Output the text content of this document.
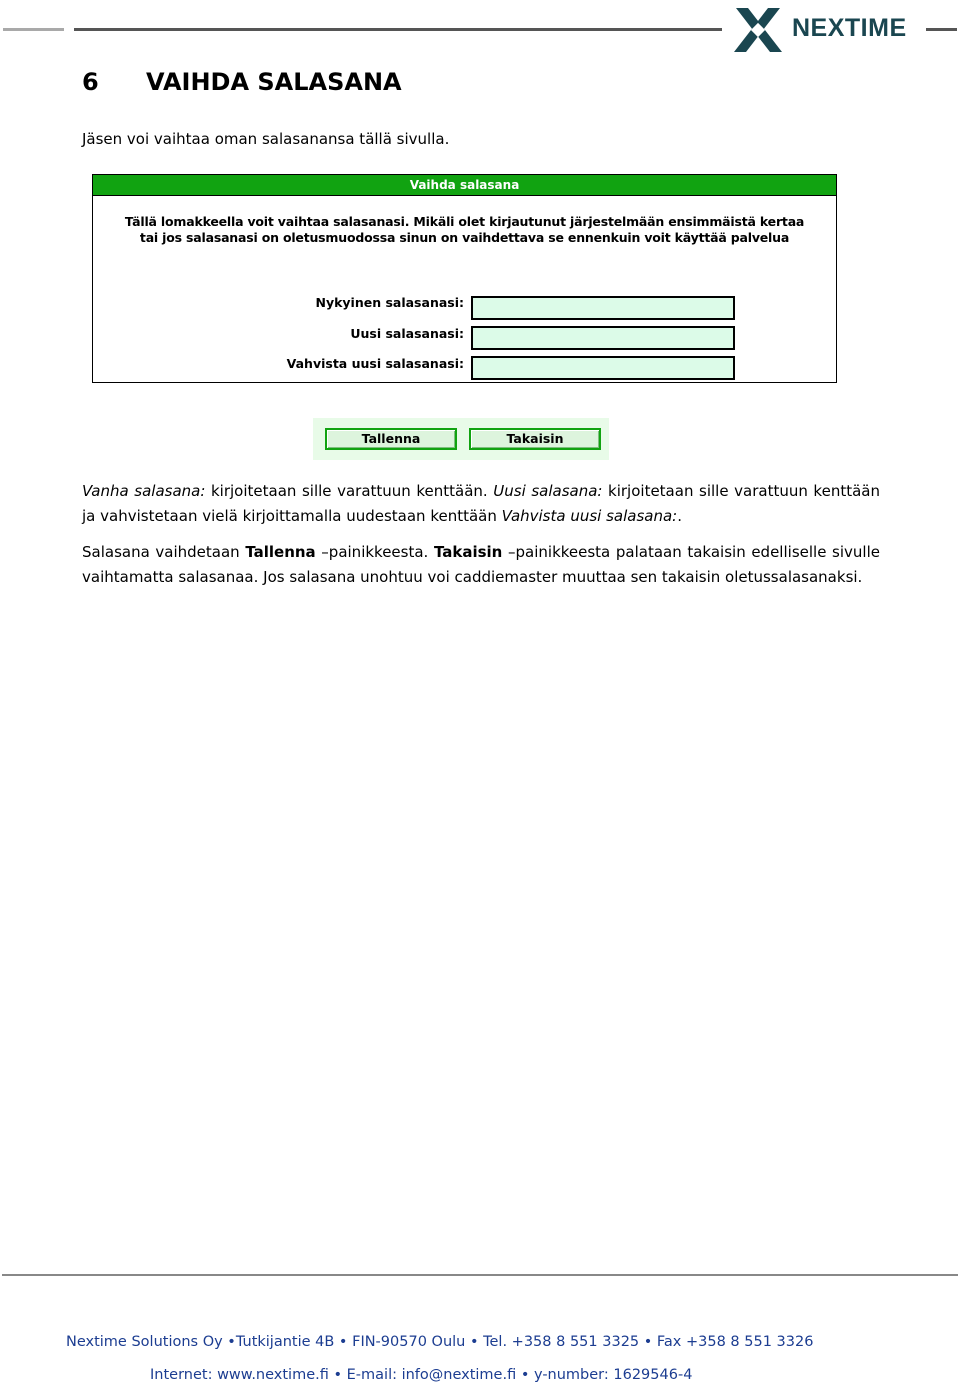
NEXTIME
6 VAIHDA SALASANA
Jäsen voi vaihtaa oman salasanansa tällä sivulla.
Vaihda salasana
Tällä lomakkeella voit vaihtaa salasanasi. Mikäli olet kirjautunut järjestelmään ensimmäistä kertaa
tai jos salasanasi on oletusmuodossa sinun on vaihdettava se ennenkuin voit käyttää palvelua
Nykyinen salasanasi:
Uusi salasanasi:
Vahvista uusi salasanasi:
Tallenna	Takaisin

Vanha salasana: kirjoitetaan sille varattuun kenttään. Uusi salasana: kirjoitetaan sille varattuun kenttään ja vahvistetaan vielä kirjoittamalla uudestaan kenttään Vahvista uusi salasana:.

Salasana vaihdetaan Tallenna –painikkeesta. Takaisin –painikkeesta palataan takaisin edelliselle sivulle vaihtamatta salasanaa. Jos salasana unohtuu voi caddiemaster muuttaa sen takaisin oletussalasanaksi.

Nextime Solutions Oy •Tutkijantie 4B • FIN-90570 Oulu • Tel. +358 8 551 3325 • Fax +358 8 551 3326
Internet: www.nextime.fi • E-mail: info@nextime.fi • y-number: 1629546-4
